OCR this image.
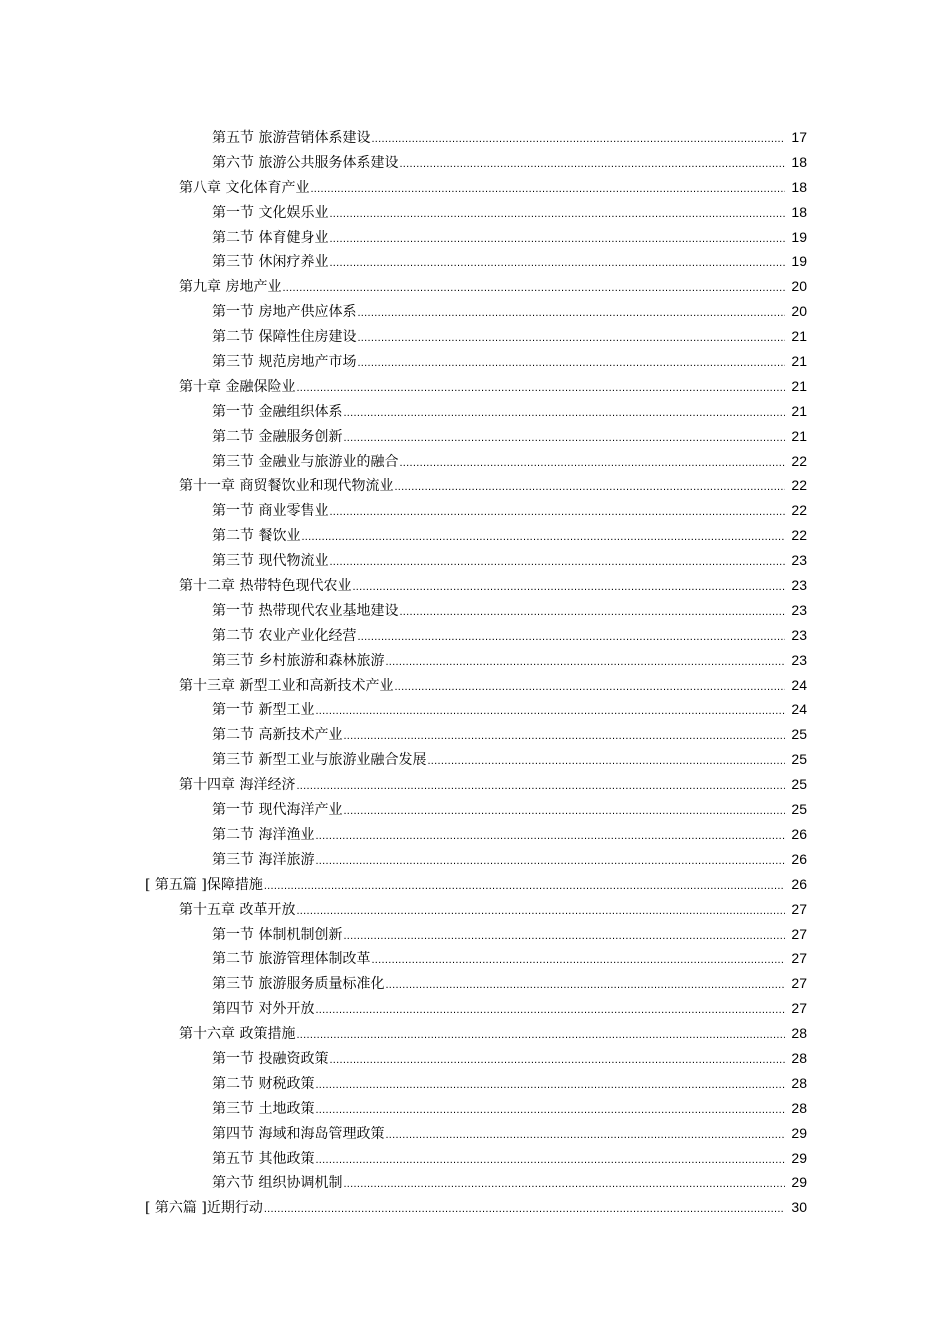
第五节 旅游营销体系建设 .....	17
第六节 旅游公共服务体系建设 .....	18
第八章 文化体育产业 .....	18
第一节 文化娱乐业 .....	18
第二节 体育健身业 .....	19
第三节 休闲疗养业 .....	19
第九章 房地产业 .....	20
第一节 房地产供应体系 .....	20
第二节 保障性住房建设 .....	21
第三节 规范房地产市场 .....	21
第十章 金融保险业 .....	21
第一节 金融组织体系 .....	21
第二节 金融服务创新 .....	21
第三节 金融业与旅游业的融合 .....	22
第十一章 商贸餐饮业和现代物流业 .....	22
第一节 商业零售业 .....	22
第二节 餐饮业 .....	22
第三节 现代物流业 .....	23
第十二章 热带特色现代农业 .....	23
第一节 热带现代农业基地建设 .....	23
第二节 农业产业化经营 .....	23
第三节 乡村旅游和森林旅游 .....	23
第十三章 新型工业和高新技术产业 .....	24
第一节 新型工业 .....	24
第二节 高新技术产业 .....	25
第三节 新型工业与旅游业融合发展 .....	25
第十四章 海洋经济 .....	25
第一节 现代海洋产业 .....	25
第二节 海洋渔业 .....	26
第三节 海洋旅游 .....	26
[ 第五篇 ]保障措施 .....	26
第十五章 改革开放 .....	27
第一节 体制机制创新 .....	27
第二节 旅游管理体制改革 .....	27
第三节 旅游服务质量标准化 .....	27
第四节 对外开放 .....	27
第十六章 政策措施 .....	28
第一节 投融资政策 .....	28
第二节 财税政策 .....	28
第三节 土地政策 .....	28
第四节 海域和海岛管理政策 .....	29
第五节 其他政策 .....	29
第六节 组织协调机制 .....	29
[ 第六篇 ]近期行动 .....	30
